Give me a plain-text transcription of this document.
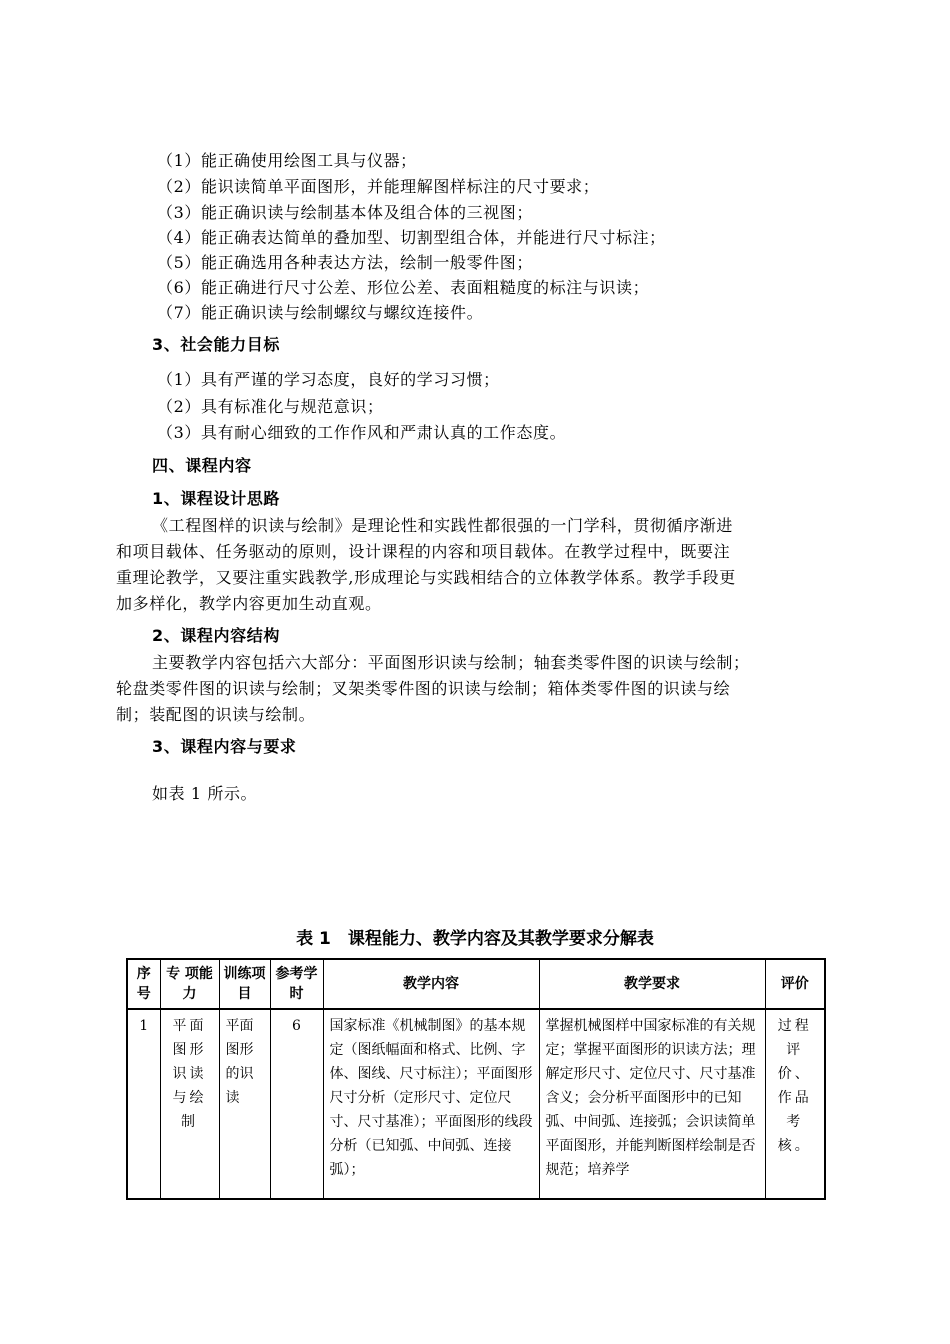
（1）能正确使用绘图工具与仪器；
（2）能识读简单平面图形，并能理解图样标注的尺寸要求；
（3）能正确识读与绘制基本体及组合体的三视图；
（4）能正确表达简单的叠加型、切割型组合体，并能进行尺寸标注；
（5）能正确选用各种表达方法，绘制一般零件图；
（6）能正确进行尺寸公差、形位公差、表面粗糙度的标注与识读；
（7）能正确识读与绘制螺纹与螺纹连接件。
3、社会能力目标
（1）具有严谨的学习态度，良好的学习习惯；
（2）具有标准化与规范意识；
（3）具有耐心细致的工作作风和严肃认真的工作态度。
四、课程内容
1、课程设计思路
《工程图样的识读与绘制》是理论性和实践性都很强的一门学科，贯彻循序渐进
和项目载体、任务驱动的原则，设计课程的内容和项目载体。在教学过程中，既要注
重理论教学，又要注重实践教学,形成理论与实践相结合的立体教学体系。教学手段更
加多样化，教学内容更加生动直观。
2、课程内容结构
主要教学内容包括六大部分：平面图形识读与绘制；轴套类零件图的识读与绘制；
轮盘类零件图的识读与绘制；叉架类零件图的识读与绘制；箱体类零件图的识读与绘
制；装配图的识读与绘制。
3、课程内容与要求
如表 1 所示。
表 1　课程能力、教学内容及其教学要求分解表
序号	专 项能力	训练项目	参考学时	教学内容	教学要求	评价
1	平面图形识读与绘制	平面图形的识读	6	国家标准《机械制图》的基本规定（图纸幅面和格式、比例、字体、图线、尺寸标注）；平面图形尺寸分析（定形尺寸、定位尺寸、尺寸基准）；平面图形的线段分析（已知弧、中间弧、连接弧）；	掌握机械图样中国家标准的有关规定；掌握平面图形的识读方法；理解定形尺寸、定位尺寸、尺寸基准含义；会分析平面图形中的已知弧、中间弧、连接弧；会识读简单平面图形，并能判断图样绘制是否规范；培养学	过程评价、作品考核。
